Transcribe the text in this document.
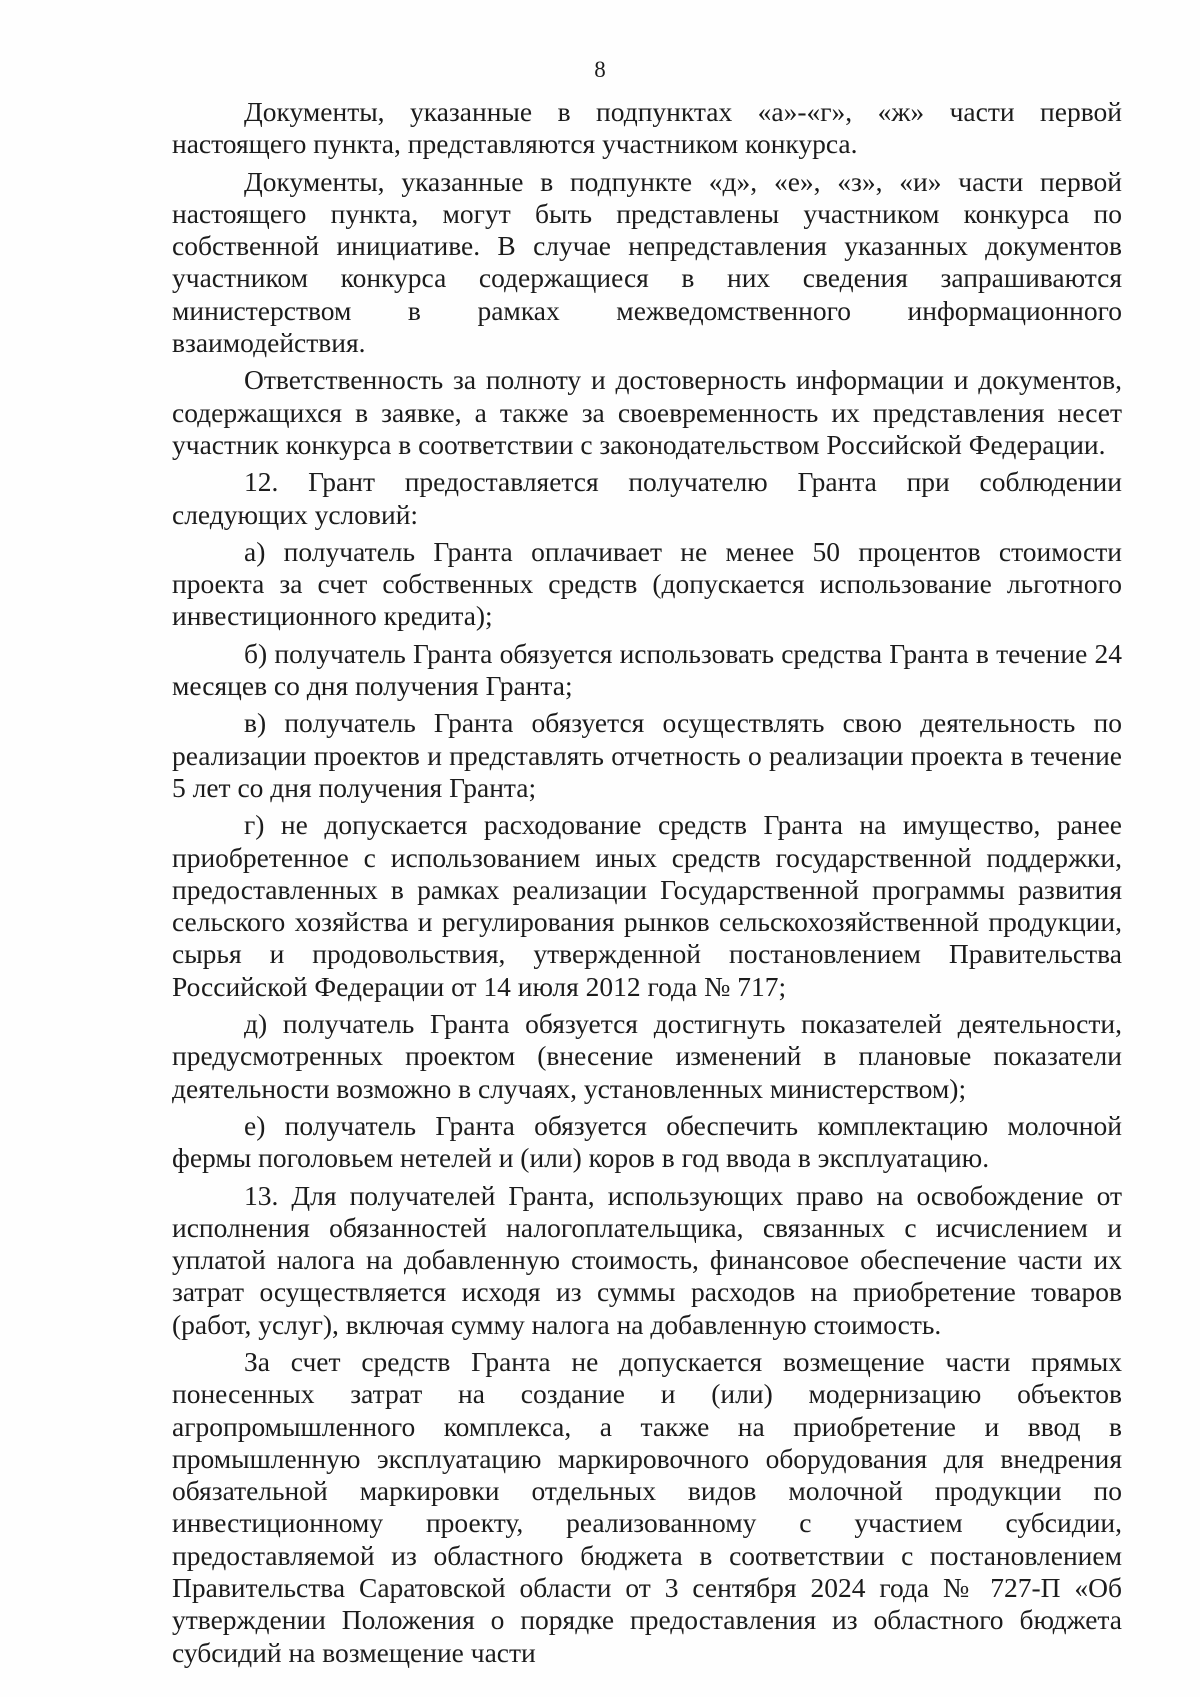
8

Документы, указанные в подпунктах «а»-«г», «ж» части первой настоящего пункта, представляются участником конкурса.

Документы, указанные в подпункте «д», «е», «з», «и» части первой настоящего пункта, могут быть представлены участником конкурса по собственной инициативе. В случае непредставления указанных документов участником конкурса содержащиеся в них сведения запрашиваются министерством в рамках межведомственного информационного взаимодействия.

Ответственность за полноту и достоверность информации и документов, содержащихся в заявке, а также за своевременность их представления несет участник конкурса в соответствии с законодательством Российской Федерации.

12. Грант предоставляется получателю Гранта при соблюдении следующих условий:

а) получатель Гранта оплачивает не менее 50 процентов стоимости проекта за счет собственных средств (допускается использование льготного инвестиционного кредита);

б) получатель Гранта обязуется использовать средства Гранта в течение 24 месяцев со дня получения Гранта;

в) получатель Гранта обязуется осуществлять свою деятельность по реализации проектов и представлять отчетность о реализации проекта в течение 5 лет со дня получения Гранта;

г) не допускается расходование средств Гранта на имущество, ранее приобретенное с использованием иных средств государственной поддержки, предоставленных в рамках реализации Государственной программы развития сельского хозяйства и регулирования рынков сельскохозяйственной продукции, сырья и продовольствия, утвержденной постановлением Правительства Российской Федерации от 14 июля 2012 года № 717;

д) получатель Гранта обязуется достигнуть показателей деятельности, предусмотренных проектом (внесение изменений в плановые показатели деятельности возможно в случаях, установленных министерством);

е) получатель Гранта обязуется обеспечить комплектацию молочной фермы поголовьем нетелей и (или) коров в год ввода в эксплуатацию.

13. Для получателей Гранта, использующих право на освобождение от исполнения обязанностей налогоплательщика, связанных с исчислением и уплатой налога на добавленную стоимость, финансовое обеспечение части их затрат осуществляется исходя из суммы расходов на приобретение товаров (работ, услуг), включая сумму налога на добавленную стоимость.

За счет средств Гранта не допускается возмещение части прямых понесенных затрат на создание и (или) модернизацию объектов агропромышленного комплекса, а также на приобретение и ввод в промышленную эксплуатацию маркировочного оборудования для внедрения обязательной маркировки отдельных видов молочной продукции по инвестиционному проекту, реализованному с участием субсидии, предоставляемой из областного бюджета в соответствии с постановлением Правительства Саратовской области от 3 сентября 2024 года № 727-П «Об утверждении Положения о порядке предоставления из областного бюджета субсидий на возмещение части
